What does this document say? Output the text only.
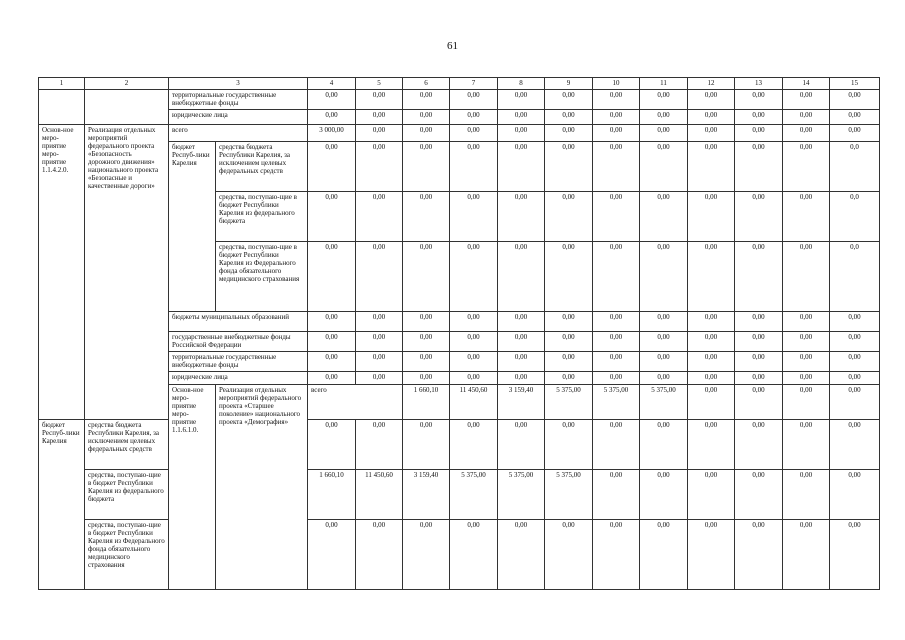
61
1	2	3		4	5	6	7	8	9	10	11	12	13	14	15	
		территориальные государственные внебюджетные фонды		0,00	0,00	0,00	0,00	0,00	0,00	0,00	0,00	0,00	0,00	0,00	0,00	
		юридические лица		0,00	0,00	0,00	0,00	0,00	0,00	0,00	0,00	0,00	0,00	0,00	0,00	
Основ-ное меро-приятие меро-приятие 1.1.4.2.0.	Реализация отдельных мероприятий федерального проекта «Безопасность дорожного движения» национального проекта «Безопасные и качественные дороги»	всего		3 000,00	0,00	0,00	0,00	0,00	0,00	0,00	0,00	0,00	0,00	0,00	0,00	
		бюджет Респуб-лики Карелия	средства бюджета Республики Карелия, за исключением целевых федеральных средств	0,00	0,00	0,00	0,00	0,00	0,00	0,00	0,00	0,00	0,00	0,00	0,0	
			средства, поступаю-щие в бюджет Республики Карелия из федерального бюджета	0,00	0,00	0,00	0,00	0,00	0,00	0,00	0,00	0,00	0,00	0,00	0,0	
			средства, поступаю-щие в бюджет Республики Карелия из Федерального фонда обязательного медицинского страхования	0,00	0,00	0,00	0,00	0,00	0,00	0,00	0,00	0,00	0,00	0,00	0,0	
		бюджеты муниципальных образований		0,00	0,00	0,00	0,00	0,00	0,00	0,00	0,00	0,00	0,00	0,00	0,00	
		государственные внебюджетные фонды Российской Федерации		0,00	0,00	0,00	0,00	0,00	0,00	0,00	0,00	0,00	0,00	0,00	0,00	
		территориальные государственные внебюджетные фонды		0,00	0,00	0,00	0,00	0,00	0,00	0,00	0,00	0,00	0,00	0,00	0,00	
		юридические лица		0,00	0,00	0,00	0,00	0,00	0,00	0,00	0,00	0,00	0,00	0,00	0,00	
		Основ-ное меро-приятие меро-приятие 1.1.6.1.0.	Реализация отдельных мероприятий федерального проекта «Старшее поколение» национального проекта «Демография»	всего		1 660,10	11 450,60	3 159,40	5 375,00	5 375,00	5 375,00	0,00	0,00	0,00	0,00		
бюджет Респуб-лики Карелия	средства бюджета Республики Карелия, за исключением целевых федеральных средств			0,00	0,00	0,00	0,00	0,00	0,00	0,00	0,00	0,00	0,00	0,00	0,00	
	средства, поступаю-щие в бюджет Республики Карелия из федерального бюджета			1 660,10	11 450,60	3 159,40	5 375,00	5 375,00	5 375,00	0,00	0,00	0,00	0,00	0,00	0,00	
	средства, поступаю-щие в бюджет Республики Карелия из Федерального фонда обязательного медицинского страхования			0,00	0,00	0,00	0,00	0,00	0,00	0,00	0,00	0,00	0,00	0,00	0,00	
